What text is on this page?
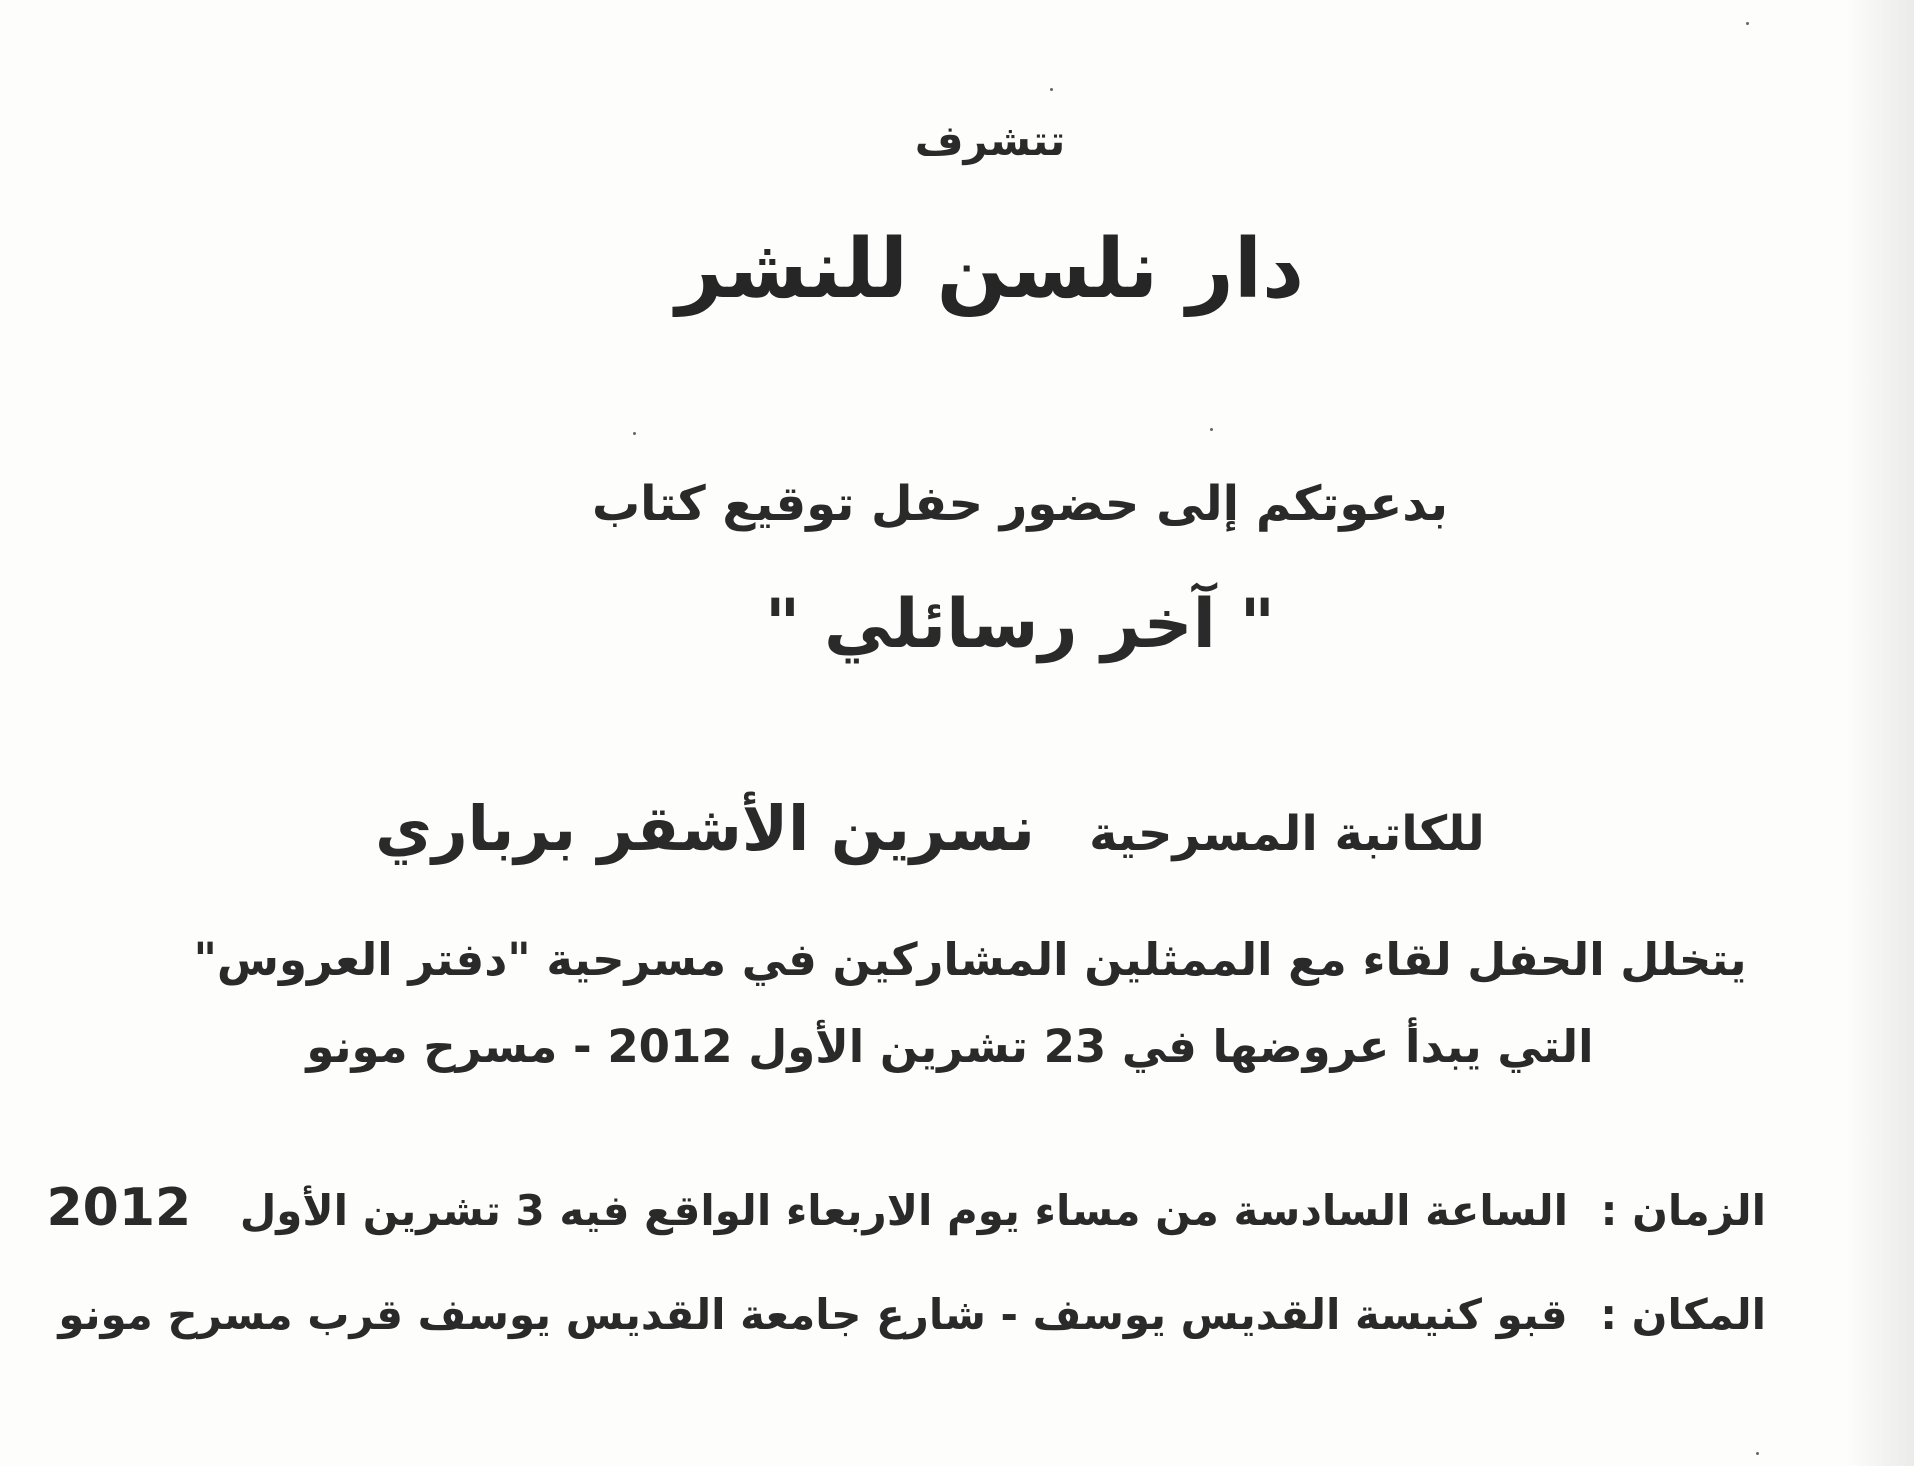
تتشرف
دار نلسن للنشر
بدعوتكم إلى حضور حفل توقيع كتاب
" آخر رسائلي "
للكاتبة المسرحية   نسرين الأشقر برباري
يتخلل الحفل لقاء مع الممثلين المشاركين في مسرحية "دفتر العروس"
التي يبدأ عروضها في 23 تشرين الأول 2012 - مسرح مونو
الزمان : الساعة السادسة من مساء يوم الاربعاء الواقع فيه 3 تشرين الأول 2012
المكان : قبو كنيسة القديس يوسف - شارع جامعة القديس يوسف قرب مسرح مونو
